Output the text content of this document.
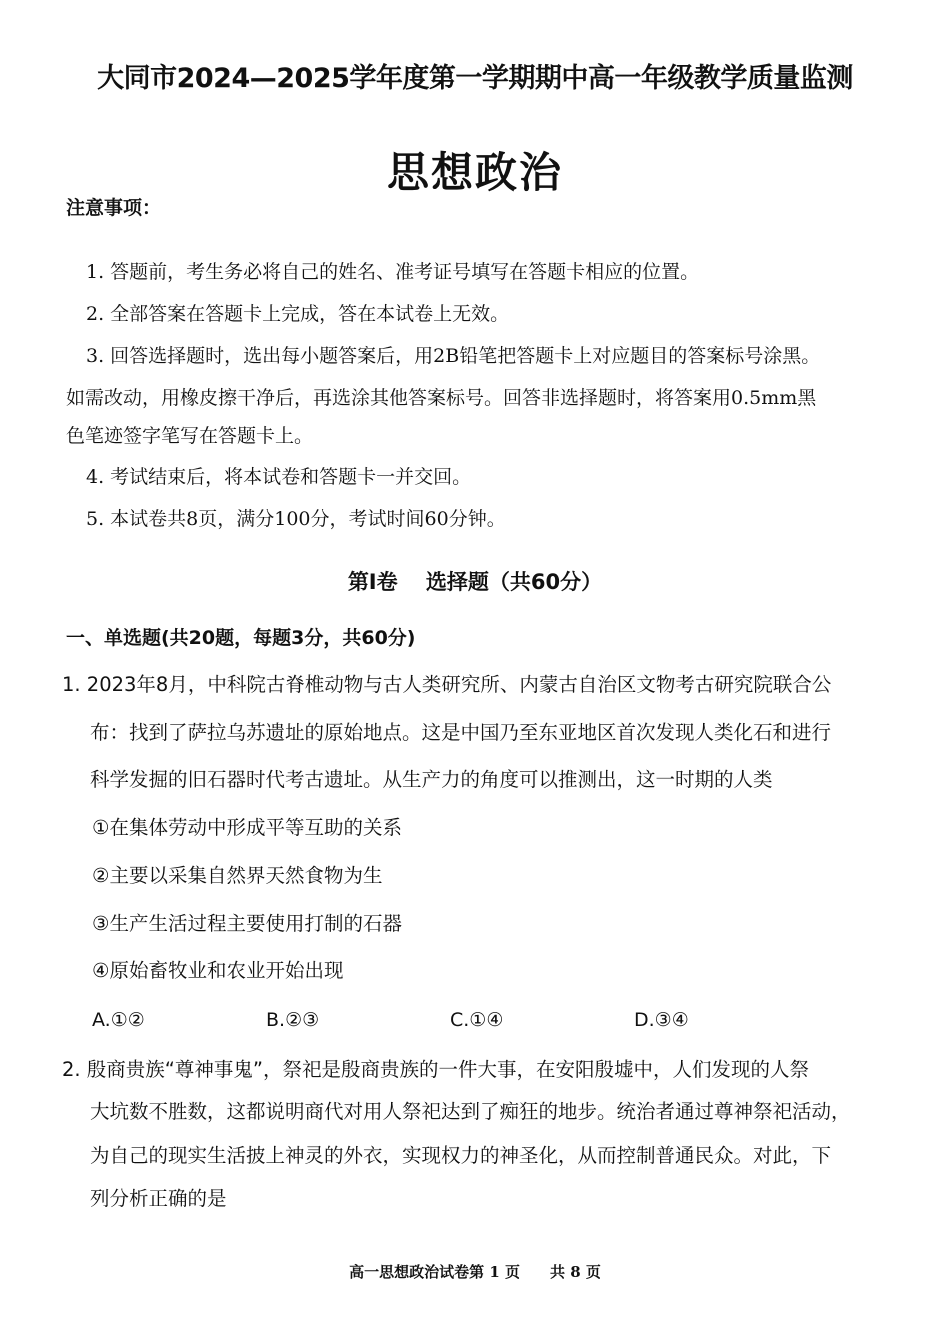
大同市2024—2025学年度第一学期期中高一年级教学质量监测
思想政治
注意事项：
1. 答题前，考生务必将自己的姓名、准考证号填写在答题卡相应的位置。
2. 全部答案在答题卡上完成，答在本试卷上无效。
3. 回答选择题时，选出每小题答案后，用2B铅笔把答题卡上对应题目的答案标号涂黑。
如需改动，用橡皮擦干净后，再选涂其他答案标号。回答非选择题时，将答案用0.5mm黑
色笔迹签字笔写在答题卡上。
4. 考试结束后，将本试卷和答题卡一并交回。
5. 本试卷共8页，满分100分，考试时间60分钟。
第Ⅰ卷　 选择题（共60分）
一、单选题(共20题，每题3分，共60分)
1. 2023年8月，中科院古脊椎动物与古人类研究所、内蒙古自治区文物考古研究院联合公
布：找到了萨拉乌苏遗址的原始地点。这是中国乃至东亚地区首次发现人类化石和进行
科学发掘的旧石器时代考古遗址。从生产力的角度可以推测出，这一时期的人类
①在集体劳动中形成平等互助的关系
②主要以采集自然界天然食物为生
③生产生活过程主要使用打制的石器
④原始畜牧业和农业开始出现
A.①②	B.②③	C.①④	D.③④
2. 殷商贵族“尊神事鬼”，祭祀是殷商贵族的一件大事，在安阳殷墟中，人们发现的人祭
大坑数不胜数，这都说明商代对用人祭祀达到了痴狂的地步。统治者通过尊神祭祀活动，
为自己的现实生活披上神灵的外衣，实现权力的神圣化，从而控制普通民众。对此，下
列分析正确的是
高一思想政治试卷第 1 页　　共 8 页
